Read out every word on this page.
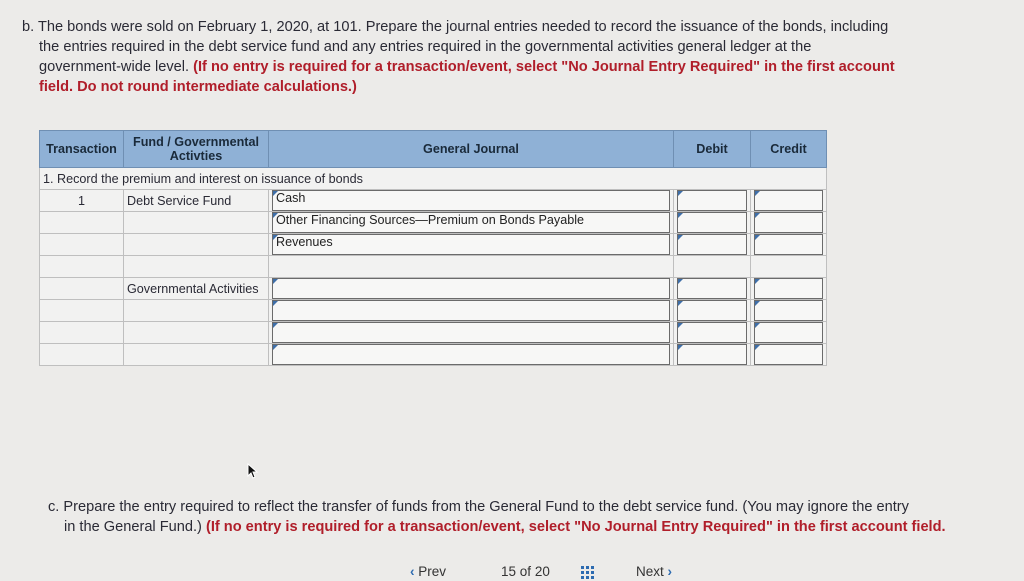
b. The bonds were sold on February 1, 2020, at 101. Prepare the journal entries needed to record the issuance of the bonds, including

the entries required in the debt service fund and any entries required in the governmental activities general ledger at the
government-wide level. (If no entry is required for a transaction/event, select "No Journal Entry Required" in the first account
field. Do not round intermediate calculations.)
Transaction	Fund / Governmental Activties	General Journal	Debit	Credit
1. Record the premium and interest on issuance of bonds				
1	Debt Service Fund	Cash		

		Other Financing Sources—Premium on Bonds Payable		

		Revenues		

	Governmental Activities	

c. Prepare the entry required to reflect the transfer of funds from the General Fund to the debt service fund. (You may ignore the entry

in the General Fund.) (If no entry is required for a transaction/event, select "No Journal Entry Required" in the first account field.
‹ Prev	15 of 20	Next ›
